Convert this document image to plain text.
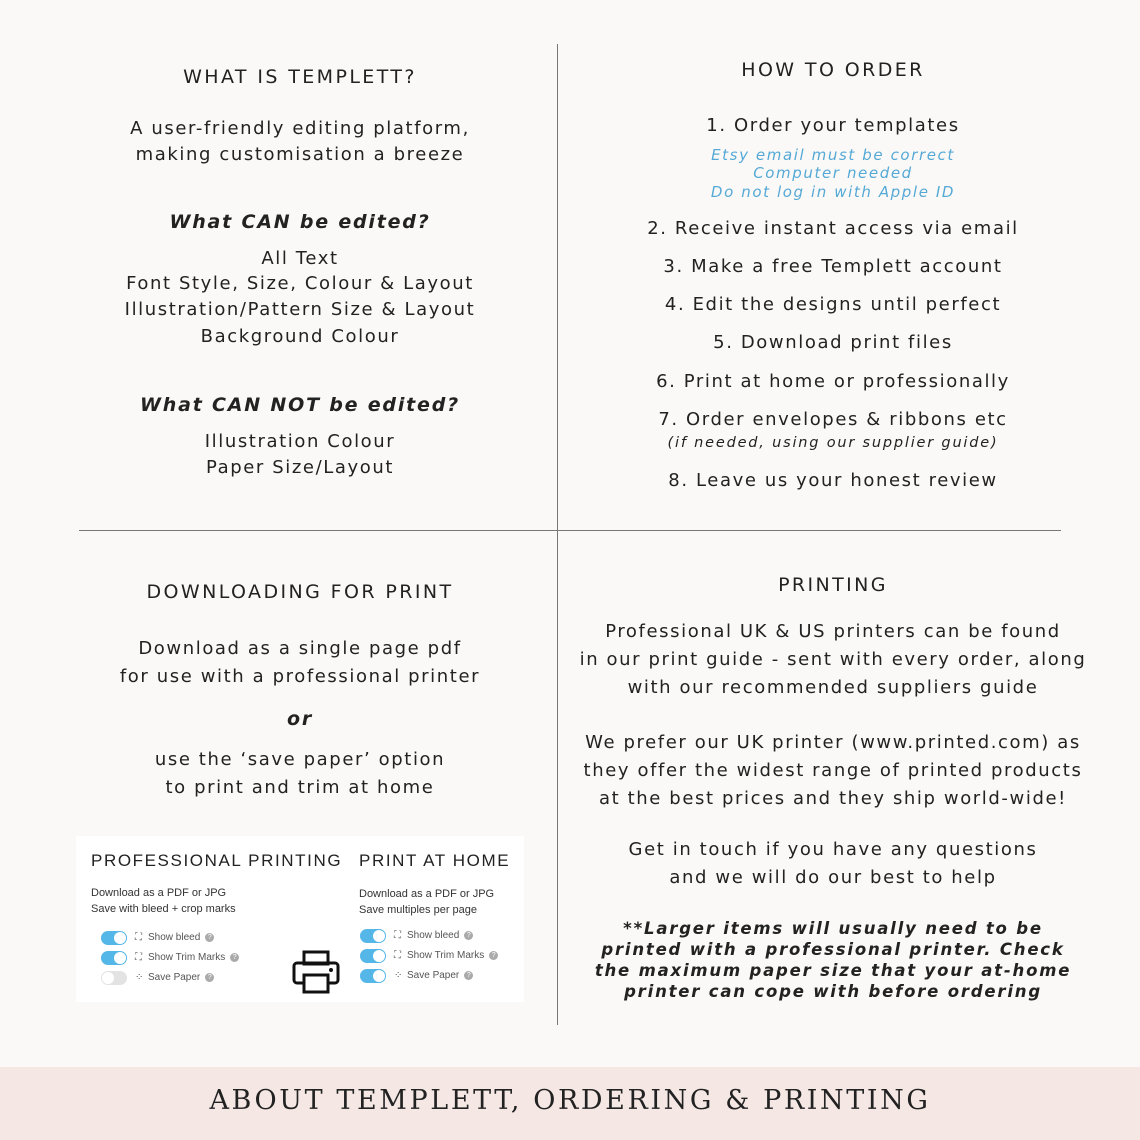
WHAT IS TEMPLETT?
A user-friendly editing platform,
making customisation a breeze
What CAN be edited?
All Text
Font Style, Size, Colour & Layout
Illustration/Pattern Size & Layout
Background Colour
What CAN NOT be edited?
Illustration Colour
Paper Size/Layout
HOW TO ORDER
1. Order your templates
Etsy email must be correct
Computer needed
Do not log in with Apple ID
2. Receive instant access via email
3. Make a free Templett account
4. Edit the designs until perfect
5. Download print files
6. Print at home or professionally
7. Order envelopes & ribbons etc
(if needed, using our supplier guide)
8. Leave us your honest review
DOWNLOADING FOR PRINT
Download as a single page pdf
for use with a professional printer
or
use the ‘save paper’ option
to print and trim at home
PROFESSIONAL PRINTING
Download as a PDF or JPG
Save with bleed + crop marks
⛶ Show bleed ?
⛶ Show Trim Marks ?
⁘ Save Paper ?
PRINT AT HOME
Download as a PDF or JPG
Save multiples per page
⛶ Show bleed ?
⛶ Show Trim Marks ?
⁘ Save Paper ?
PRINTING
Professional UK & US printers can be found
in our print guide - sent with every order, along
with our recommended suppliers guide
We prefer our UK printer (www.printed.com) as
they offer the widest range of printed products
at the best prices and they ship world-wide!
Get in touch if you have any questions
and we will do our best to help
**Larger items will usually need to be
printed with a professional printer. Check
the maximum paper size that your at-home
printer can cope with before ordering
ABOUT TEMPLETT, ORDERING & PRINTING
